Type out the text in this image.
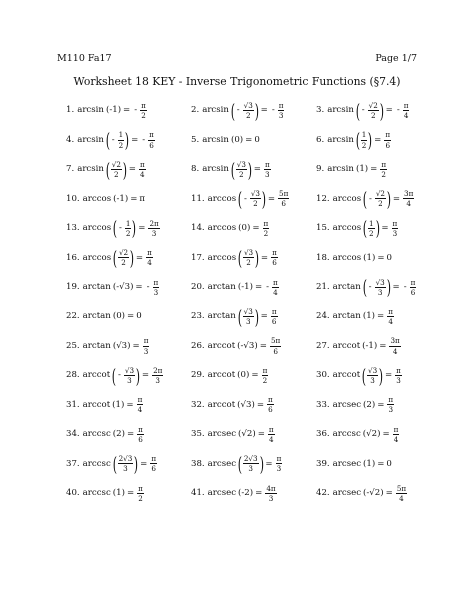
M110 Fa17	Page 1/7
Worksheet 18 KEY - Inverse Trigonometric Functions (§7.4)
1. arcsin ( -1 ) = - $\frac{\pi}{2}$	2. arcsin ( - $\frac{√3}{2}$ ) = - $\frac{\pi}{3}$	3. arcsin ( - $\frac{√2}{2}$ ) = - $\frac{\pi}{4}$
4. arcsin ( - $\frac{1}{2}$ ) = - $\frac{\pi}{6}$	5. arcsin ( 0 ) = 0	6. arcsin ( $\frac{1}{2}$ ) = $\frac{\pi}{6}$
7. arcsin ( $\frac{√2}{2}$ ) = $\frac{\pi}{4}$	8. arcsin ( $\frac{√3}{2}$ ) = $\frac{\pi}{3}$	9. arcsin ( 1 ) = $\frac{\pi}{2}$
10. arccos ( -1 ) = π	11. arccos ( - $\frac{√3}{2}$ ) = $\frac{5\pi}{6}$	12. arccos ( - $\frac{√2}{2}$ ) = $\frac{3\pi}{4}$
13. arccos ( - $\frac{1}{2}$ ) = $\frac{2\pi}{3}$	14. arccos ( 0 ) = $\frac{\pi}{2}$	15. arccos ( $\frac{1}{2}$ ) = $\frac{\pi}{3}$
16. arccos ( $\frac{√2}{2}$ ) = $\frac{\pi}{4}$	17. arccos ( $\frac{√3}{2}$ ) = $\frac{\pi}{6}$	18. arccos ( 1 ) = 0
19. arctan ( -√3 ) = - $\frac{\pi}{3}$	20. arctan ( -1 ) = - $\frac{\pi}{4}$	21. arctan ( - $\frac{√3}{3}$ ) = - $\frac{\pi}{6}$
22. arctan ( 0 ) = 0	23. arctan ( $\frac{√3}{3}$ ) = $\frac{\pi}{6}$	24. arctan ( 1 ) = $\frac{\pi}{4}$
25. arctan ( √3 ) = $\frac{\pi}{3}$	26. arccot ( -√3 ) = $\frac{5\pi}{6}$	27. arccot ( -1 ) = $\frac{3\pi}{4}$
28. arccot ( - $\frac{√3}{3}$ ) = $\frac{2\pi}{3}$	29. arccot ( 0 ) = $\frac{\pi}{2}$	30. arccot ( $\frac{√3}{3}$ ) = $\frac{\pi}{3}$
31. arccot ( 1 ) = $\frac{\pi}{4}$	32. arccot ( √3 ) = $\frac{\pi}{6}$	33. arcsec ( 2 ) = $\frac{\pi}{3}$
34. arccsc ( 2 ) = $\frac{\pi}{6}$	35. arcsec ( √2 ) = $\frac{\pi}{4}$	36. arccsc ( √2 ) = $\frac{\pi}{4}$
37. arccsc ( $\frac{2√3}{3}$ ) = $\frac{\pi}{6}$	38. arcsec ( $\frac{2√3}{3}$ ) = $\frac{\pi}{3}$	39. arcsec ( 1 ) = 0
40. arccsc ( 1 ) = $\frac{\pi}{2}$	41. arcsec ( -2 ) = $\frac{4\pi}{3}$	42. arcsec ( -√2 ) = $\frac{5\pi}{4}$
